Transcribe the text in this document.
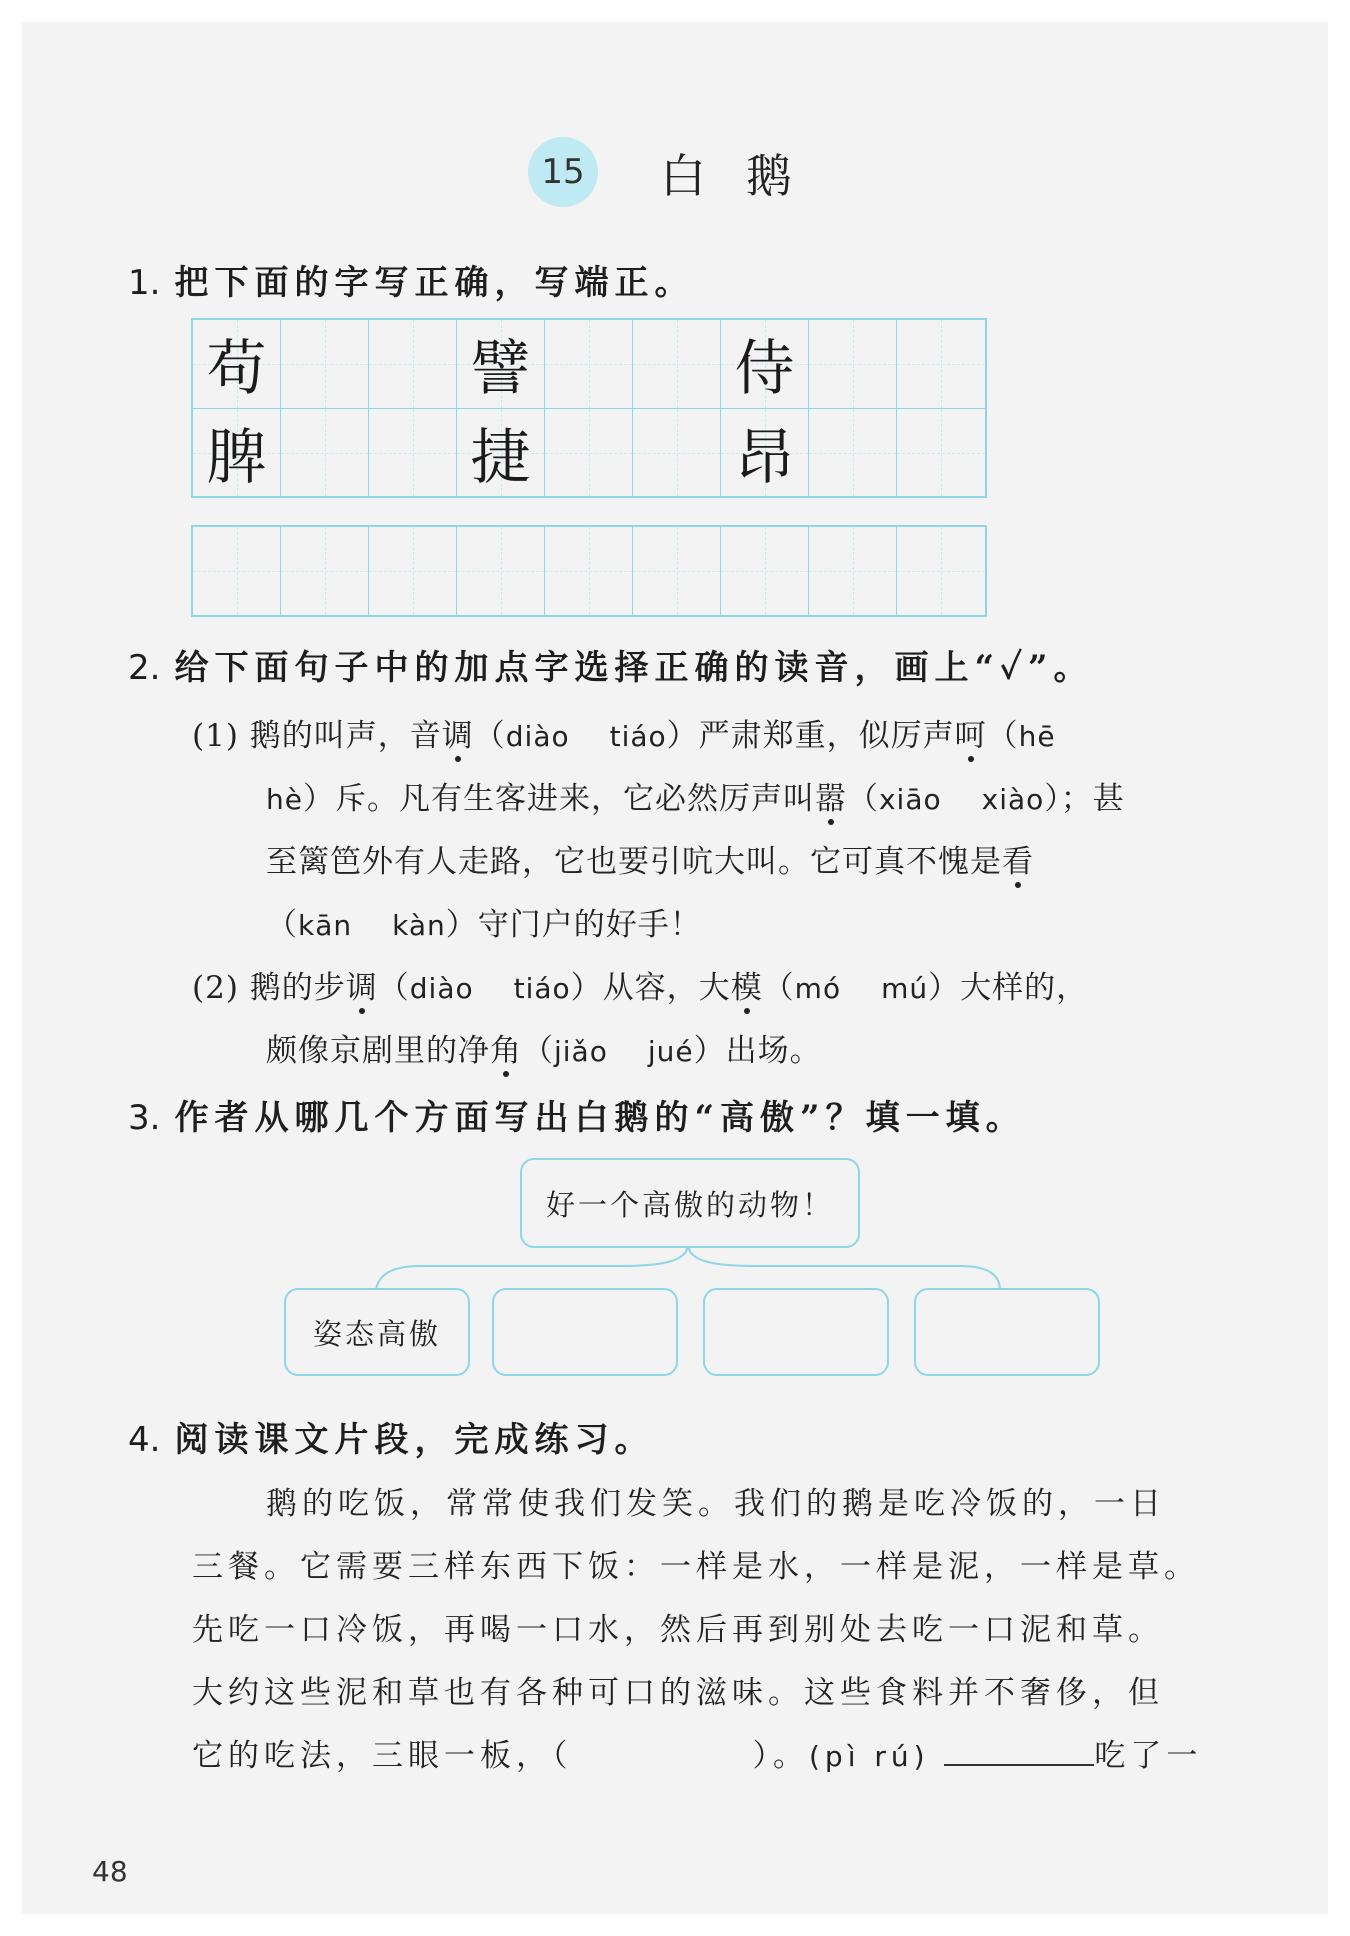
15 白鹅
1. 把下面的字写正确，写端正。
苟	譬	侍
脾	捷	昂
2. 给下面句子中的加点字选择正确的读音，画上“✓”。
(1) 鹅的叫声，音调（diào tiáo）严肃郑重，似厉声呵（hē
hè）斥。凡有生客进来，它必然厉声叫嚣（xiāo xiào）；甚
至篱笆外有人走路，它也要引吭大叫。它可真不愧是看
（kān kàn）守门户的好手！
(2) 鹅的步调（diào tiáo）从容，大模（mó mú）大样的，
颇像京剧里的净角（jiǎo jué）出场。
3. 作者从哪几个方面写出白鹅的“高傲”？填一填。
好一个高傲的动物！
姿态高傲
4. 阅读课文片段，完成练习。
鹅的吃饭，常常使我们发笑。我们的鹅是吃冷饭的，一日
三餐。它需要三样东西下饭：一样是水，一样是泥，一样是草。
先吃一口冷饭，再喝一口水，然后再到别处去吃一口泥和草。
大约这些泥和草也有各种可口的滋味。这些食料并不奢侈，但
它的吃法，三眼一板，（	）。(pì rú)	吃了一
48
